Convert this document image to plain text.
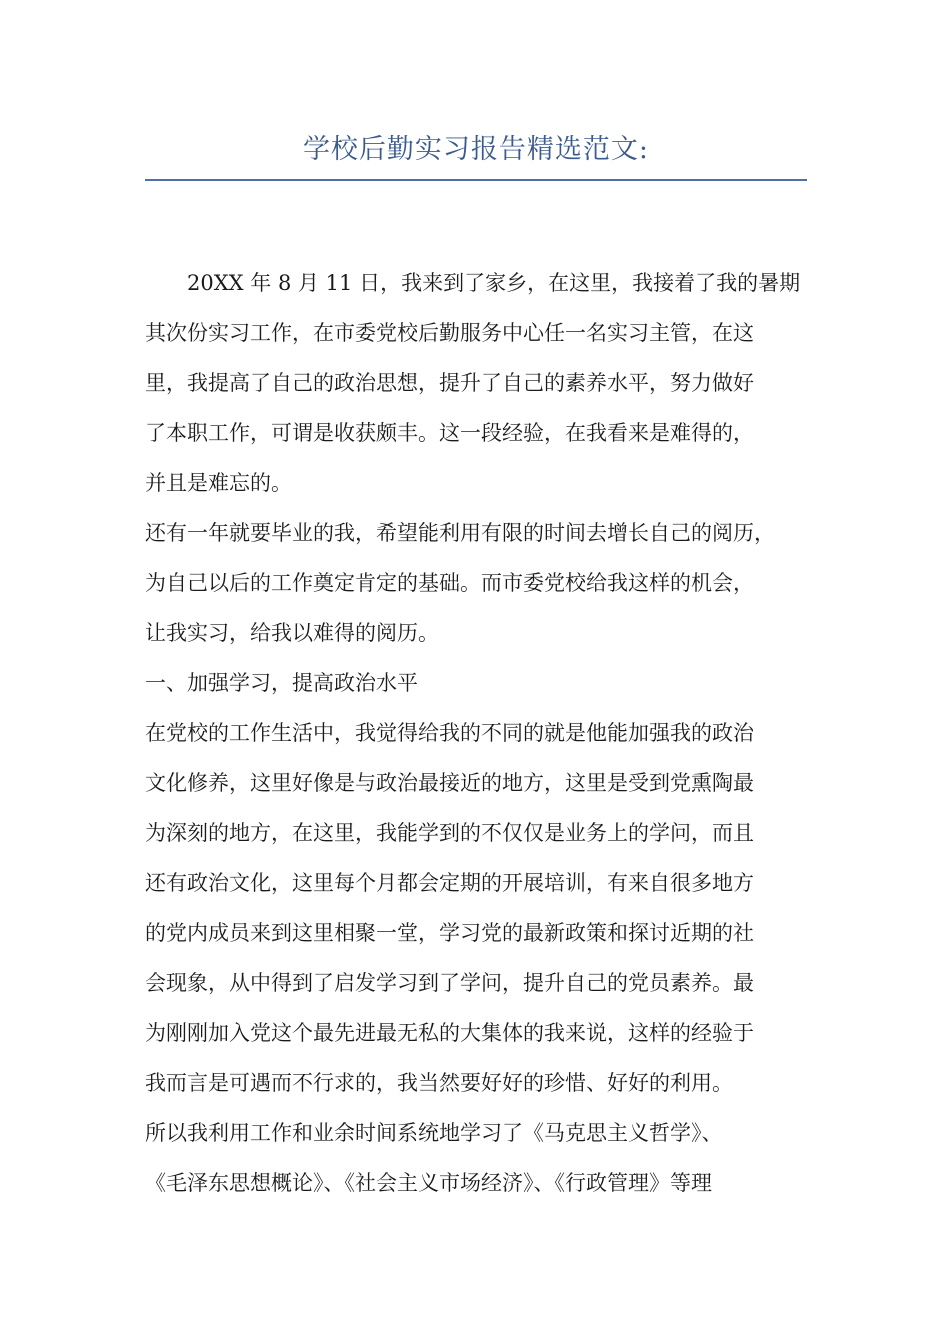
学校后勤实习报告精选范文:
20XX 年 8 月 11 日，我来到了家乡，在这里，我接着了我的暑期
其次份实习工作，在市委党校后勤服务中心任一名实习主管，在这
里，我提高了自己的政治思想，提升了自己的素养水平，努力做好
了本职工作，可谓是收获颇丰。这一段经验，在我看来是难得的，
并且是难忘的。
还有一年就要毕业的我，希望能利用有限的时间去增长自己的阅历，
为自己以后的工作奠定肯定的基础。而市委党校给我这样的机会，
让我实习，给我以难得的阅历。
一、加强学习，提高政治水平
在党校的工作生活中，我觉得给我的不同的就是他能加强我的政治
文化修养，这里好像是与政治最接近的地方，这里是受到党熏陶最
为深刻的地方，在这里，我能学到的不仅仅是业务上的学问，而且
还有政治文化，这里每个月都会定期的开展培训，有来自很多地方
的党内成员来到这里相聚一堂，学习党的最新政策和探讨近期的社
会现象，从中得到了启发学习到了学问，提升自己的党员素养。最
为刚刚加入党这个最先进最无私的大集体的我来说，这样的经验于
我而言是可遇而不行求的，我当然要好好的珍惜、好好的利用。
所以我利用工作和业余时间系统地学习了《马克思主义哲学》、
《毛泽东思想概论》、《社会主义市场经济》、《行政管理》等理
